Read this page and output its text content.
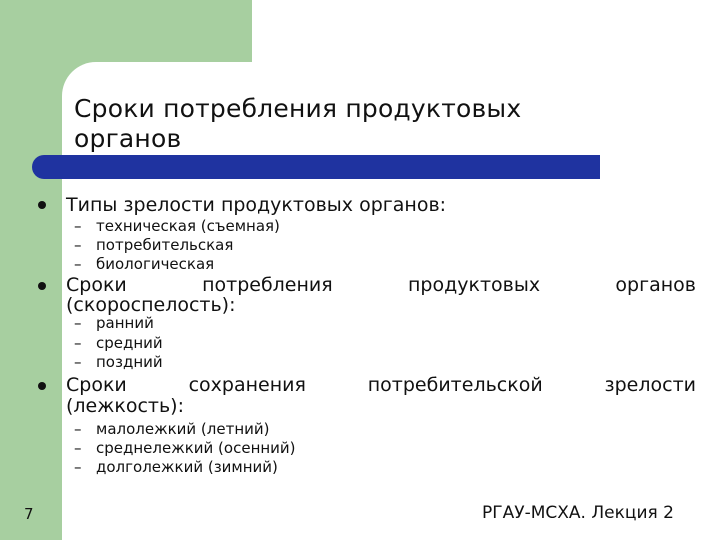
Сроки потребления продуктовых
органов
Типы зрелости продуктовых органов:
– техническая (съемная)
– потребительская
– биологическая
Сроки	потребления	продуктовых	органов
(скороспелость):
– ранний
– средний
– поздний
Сроки	сохранения	потребительской	зрелости
(лежкость):
– малолежкий (летний)
– среднележкий (осенний)
– долголежкий (зимний)
7	РГАУ-МСХА. Лекция 2
